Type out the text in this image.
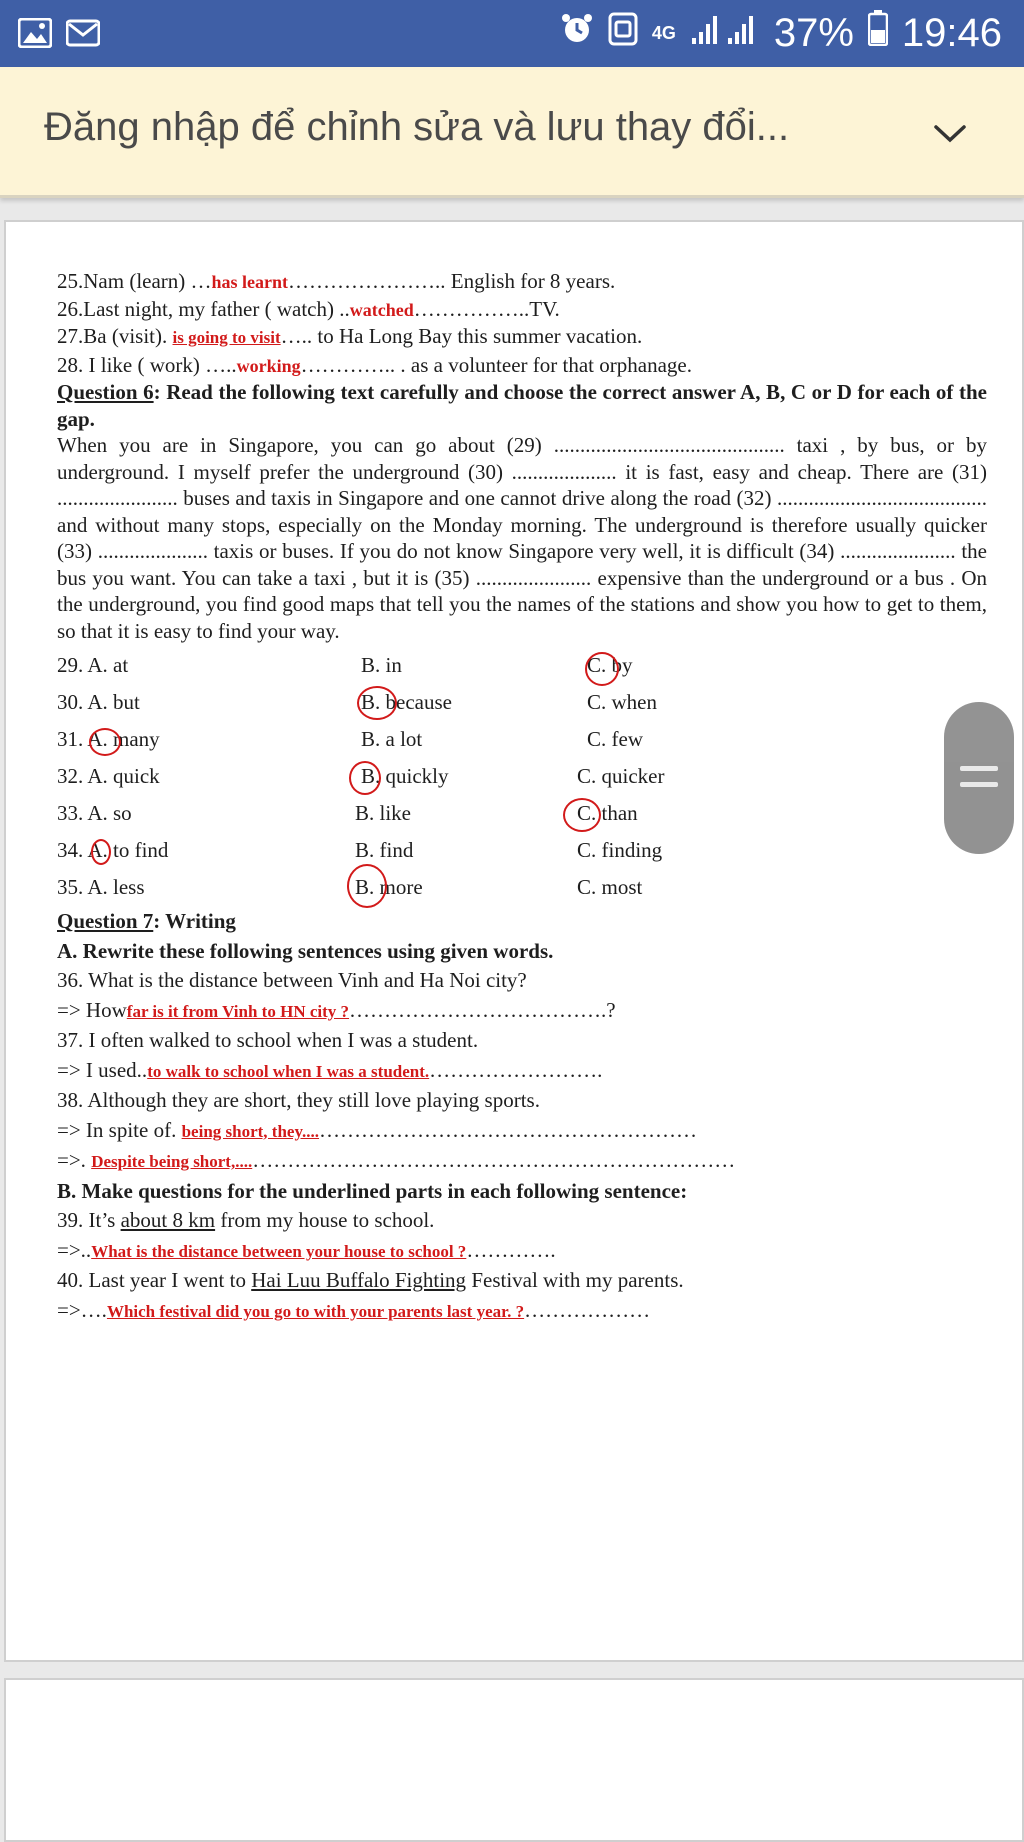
4G 37% 19:46
Đăng nhập để chỉnh sửa và lưu thay đổi...
25.Nam (learn) …has learnt………………….. English for 8 years.
26.Last night, my father ( watch) ..watched……………..TV.
27.Ba (visit). is going to visit….. to Ha Long Bay this summer vacation.
28. I like ( work) …..working………….. . as a volunteer for that orphanage.
Question 6: Read the following text carefully and choose the correct answer A, B, C or D for each of the gap.
When you are in Singapore, you can go about (29) ............................................ taxi , by bus, or by underground. I myself prefer the underground (30) .................... it is fast, easy and cheap. There are (31) ....................... buses and taxis in Singapore and one cannot drive along the road (32) ........................................ and without many stops, especially on the Monday morning. The underground is therefore usually quicker (33) ..................... taxis or buses. If you do not know Singapore very well, it is difficult (34) ...................... the bus you want. You can take a taxi , but it is (35) ...................... expensive than the underground or a bus . On the underground, you find good maps that tell you the names of the stations and show you how to get to them, so that it is easy to find your way.
29. A. at	B. in	C. by
30. A. but	B. because	C. when
31. A. many	B. a lot	C. few
32. A. quick	B. quickly	C. quicker
33. A. so	B. like	C. than
34. A. to find	B. find	C. finding
35. A. less	B. more	C. most
Question 7: Writing
A. Rewrite these following sentences using given words.
36. What is the distance between Vinh and Ha Noi city?
=> Howfar is it from Vinh to HN city ?……………………………….?
37. I often walked to school when I was a student.
=> I used..to walk to school when I was a student.…………………….
38. Although they are short, they still love playing sports.
=> In spite of. being short, they....………………………………………………
=>. Despite being short,....……………………………………………………………
B. Make questions for the underlined parts in each following sentence:
39. It’s about 8 km from my house to school.
=>..What is the distance between your house to school ?………….
40. Last year I went to Hai Luu Buffalo Fighting Festival with my parents.
=>….Which festival did you go to with your parents last year. ?………………
